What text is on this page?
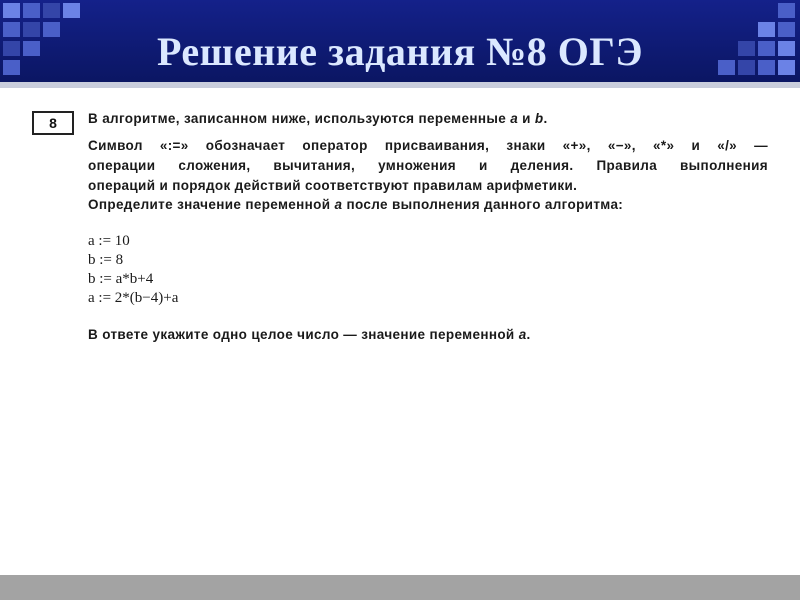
Решение задания №8 ОГЭ
8	В алгоритме, записанном ниже, используются переменные a и b.
Символ «:=» обозначает оператор присваивания, знаки «+», «−», «*» и «/» —
операции сложения, вычитания, умножения и деления. Правила выполнения
операций и порядок действий соответствуют правилам арифметики.
Определите значение переменной a после выполнения данного алгоритма:
a := 10
b := 8
b := a*b+4
a := 2*(b−4)+a
В ответе укажите одно целое число — значение переменной a.
